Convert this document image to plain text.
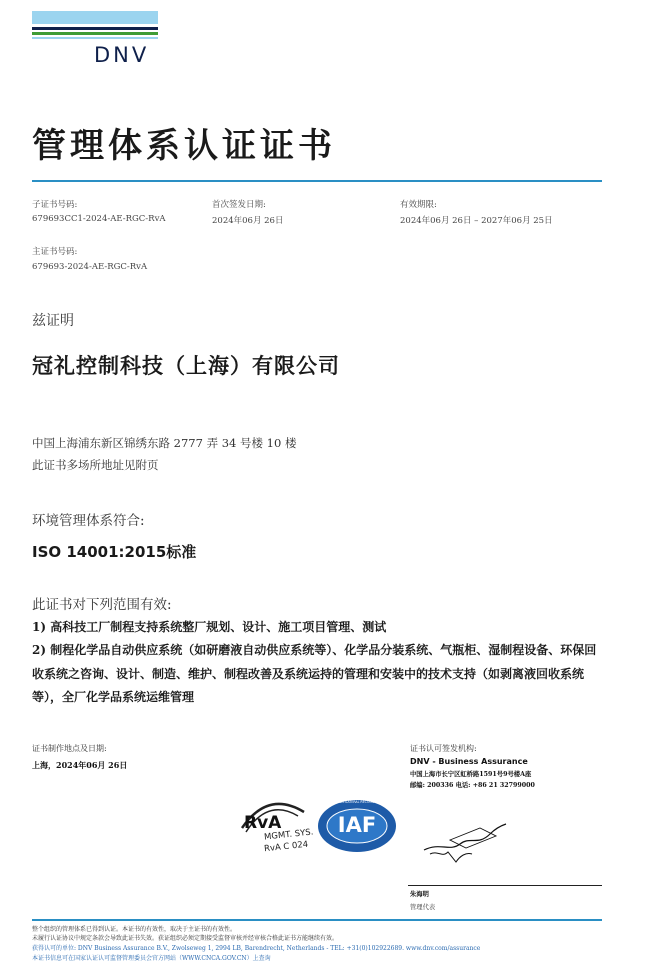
DNV
管理体系认证证书
子证书号码:
679693CC1-2024-AE-RGC-RvA
首次签发日期:
2024年06月 26日
有效期限:
2024年06月 26日 – 2027年06月 25日
主证书号码:
679693-2024-AE-RGC-RvA
兹证明
冠礼控制科技（上海）有限公司
中国上海浦东新区锦绣东路 2777 弄 34 号楼 10 楼
此证书多场所地址见附页
环境管理体系符合:
ISO 14001:2015标准
此证书对下列范围有效:
1) 高科技工厂制程支持系统整厂规划、设计、施工项目管理、测试
2) 制程化学品自动供应系统（如研磨液自动供应系统等）、化学品分装系统、气瓶柜、湿制程设备、环保回收系统之咨询、设计、制造、维护、制程改善及系统运持的管理和安装中的技术支持（如剥离液回收系统等），全厂化学品系统运维管理
证书制作地点及日期:
上海，2024年06月 26日
证书认可签发机构:
DNV - Business Assurance
中国上海市长宁区虹桥路1591号9号楼A座
邮编: 200336 电话: +86 21 32799000
RvA
MGMT. SYS.
RvA C 024
IAF
MEMBER OF MULTILATERAL RECOGNITION ARRANGEMENT
朱海明
管理代表
整个组织的管理体系已得到认证。本证书的有效性，取决于主证书的有效性。
未履行认证协议中规定条款会导致此证书失效。获证组织必须定期接受监督审核并经审核合格此证书方能继续有效。
获得认可的单位: DNV Business Assurance B.V., Zwolseweg 1, 2994 LB, Barendrecht, Netherlands - TEL: +31(0)102922689. www.dnv.com/assurance
本证书信息可在国家认证认可监督管理委员会官方网站（WWW.CNCA.GOV.CN）上查询
